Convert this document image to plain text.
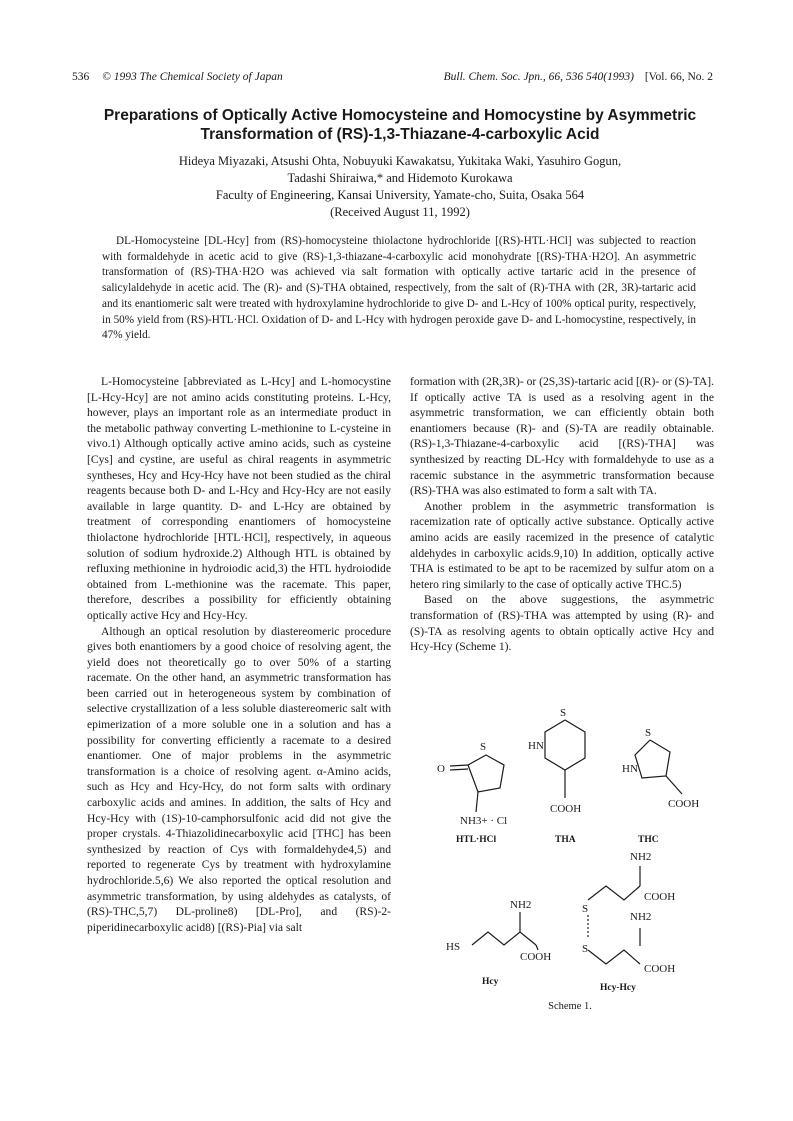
536 © 1993 The Chemical Society of Japan	Bull. Chem. Soc. Jpn., 66, 536 540(1993) [Vol. 66, No. 2
Preparations of Optically Active Homocysteine and Homocystine by Asymmetric Transformation of (RS)-1,3-Thiazane-4-carboxylic Acid
Hideya Miyazaki, Atsushi Ohta, Nobuyuki Kawakatsu, Yukitaka Waki, Yasuhiro Gogun,
Tadashi Shiraiwa,* and Hidemoto Kurokawa
Faculty of Engineering, Kansai University, Yamate-cho, Suita, Osaka 564
(Received August 11, 1992)
DL-Homocysteine [DL-Hcy] from (RS)-homocysteine thiolactone hydrochloride [(RS)-HTL·HCl] was subjected to reaction with formaldehyde in acetic acid to give (RS)-1,3-thiazane-4-carboxylic acid monohydrate [(RS)-THA·H2O]. An asymmetric transformation of (RS)-THA·H2O was achieved via salt formation with optically active tartaric acid in the presence of salicylaldehyde in acetic acid. The (R)- and (S)-THA obtained, respectively, from the salt of (R)-THA with (2R, 3R)-tartaric acid and its enantiomeric salt were treated with hydroxylamine hydrochloride to give D- and L-Hcy of 100% optical purity, respectively, in 50% yield from (RS)-HTL·HCl. Oxidation of D- and L-Hcy with hydrogen peroxide gave D- and L-homocystine, respectively, in 47% yield.

L-Homocysteine [abbreviated as L-Hcy] and L-homocystine [L-Hcy-Hcy] are not amino acids constituting proteins. L-Hcy, however, plays an important role as an intermediate product in the metabolic pathway converting L-methionine to L-cysteine in vivo.1) Although optically active amino acids, such as cysteine [Cys] and cystine, are useful as chiral reagents in asymmetric syntheses, Hcy and Hcy-Hcy have not been studied as the chiral reagents because both D- and L-Hcy and Hcy-Hcy are not easily available in large quantity. D- and L-Hcy are obtained by treatment of corresponding enantiomers of homocysteine thiolactone hydrochloride [HTL·HCl], respectively, in aqueous solution of sodium hydroxide.2) Although HTL is obtained by refluxing methionine in hydroiodic acid,3) the HTL hydroiodide obtained from L-methionine was the racemate. This paper, therefore, describes a possibility for efficiently obtaining optically active Hcy and Hcy-Hcy.

Although an optical resolution by diastereomeric procedure gives both enantiomers by a good choice of resolving agent, the yield does not theoretically go to over 50% of a starting racemate. On the other hand, an asymmetric transformation has been carried out in heterogeneous system by combination of selective crystallization of a less soluble diastereomeric salt with epimerization of a more soluble one in a solution and has a possibility for converting efficiently a racemate to a desired enantiomer. One of major problems in the asymmetric transformation is a choice of resolving agent. α-Amino acids, such as Hcy and Hcy-Hcy, do not form salts with ordinary carboxylic acids and amines. In addition, the salts of Hcy and Hcy-Hcy with (1S)-10-camphorsulfonic acid did not give the proper crystals. 4-Thiazolidinecarboxylic acid [THC] has been synthesized by reaction of Cys with formaldehyde4,5) and reported to regenerate Cys by treatment with hydroxylamine hydrochloride.5,6) We also reported the optical resolution and asymmetric transformation, by using aldehydes as catalysts, of (RS)-THC,5,7) DL-proline8) [DL-Pro], and (RS)-2-piperidinecarboxylic acid8) [(RS)-Pia] via salt

formation with (2R,3R)- or (2S,3S)-tartaric acid [(R)- or (S)-TA]. If optically active TA is used as a resolving agent in the asymmetric transformation, we can efficiently obtain both enantiomers because (R)- and (S)-TA are readily obtainable. (RS)-1,3-Thiazane-4-carboxylic acid [(RS)-THA] was synthesized by reacting DL-Hcy with formaldehyde to use as a racemic substance in the asymmetric transformation because (RS)-THA was also estimated to form a salt with TA.

Another problem in the asymmetric transformation is racemization rate of optically active substance. Optically active amino acids are easily racemized in the presence of catalytic aldehydes in carboxylic acids.9,10) In addition, optically active THA is estimated to be apt to be racemized by sulfur atom on a hetero ring similarly to the case of optically active THC.5)

Based on the above suggestions, the asymmetric transformation of (RS)-THA was attempted by using (R)- and (S)-TA as resolving agents to obtain optically active Hcy and Hcy-Hcy (Scheme 1).

S
O
NH3+ · Cl
S
HN
COOH
S
HN
COOH
NH2
HS
COOH
NH2
S
COOH
NH2
S
COOH
HTL·HCl	THA	THC
Hcy
Hcy-Hcy
Scheme 1.
